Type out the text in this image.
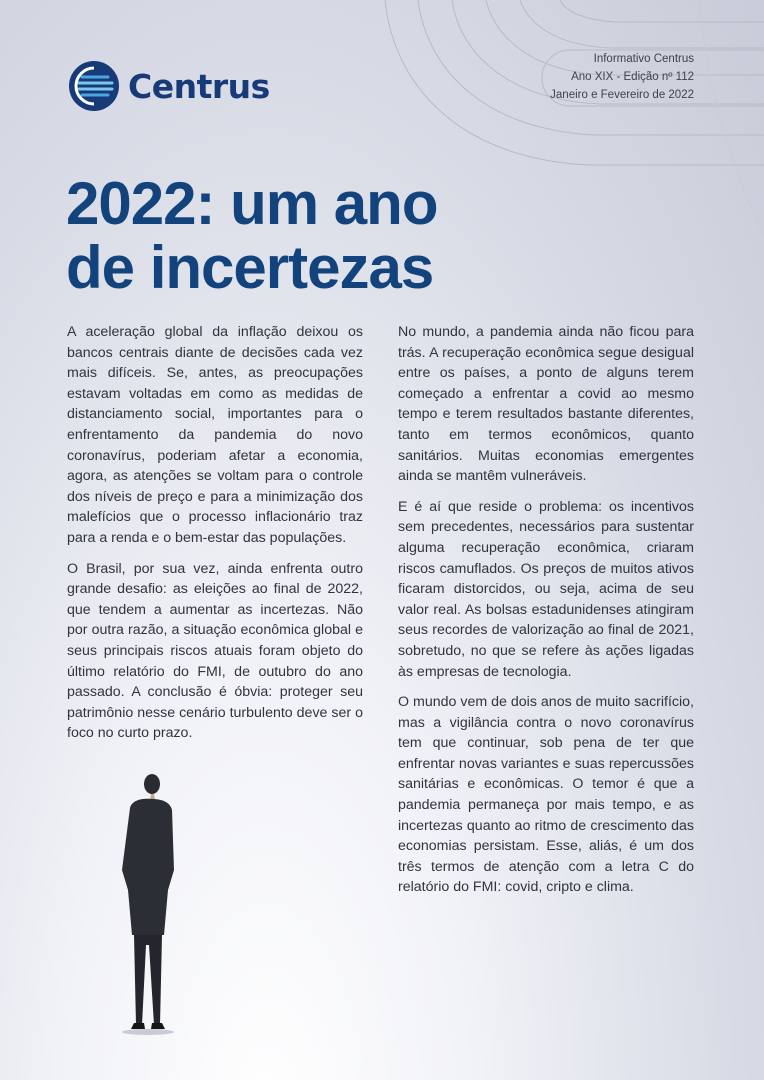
Centrus
Informativo Centrus
Ano XIX - Edição nº 112
Janeiro e Fevereiro de 2022
2022: um ano
de incertezas

A aceleração global da inflação deixou os bancos centrais diante de decisões cada vez mais difíceis. Se, antes, as preocupações estavam voltadas em como as medidas de distanciamento social, importantes para o enfrentamento da pandemia do novo coronavírus, poderiam afetar a economia, agora, as atenções se voltam para o controle dos níveis de preço e para a minimização dos malefícios que o processo inflacionário traz para a renda e o bem-estar das populações.

O Brasil, por sua vez, ainda enfrenta outro grande desafio: as eleições ao final de 2022, que tendem a aumentar as incertezas. Não por outra razão, a situação econômica global e seus principais riscos atuais foram objeto do último relatório do FMI, de outubro do ano passado. A conclusão é óbvia: proteger seu patrimônio nesse cenário turbulento deve ser o foco no curto prazo.

No mundo, a pandemia ainda não ficou para trás. A recuperação econômica segue desigual entre os países, a ponto de alguns terem começado a enfrentar a covid ao mesmo tempo e terem resultados bastante diferentes, tanto em termos econômicos, quanto sanitários. Muitas economias emergentes ainda se mantêm vulneráveis.

E é aí que reside o problema: os incentivos sem precedentes, necessários para sustentar alguma recuperação econômica, criaram riscos camuflados. Os preços de muitos ativos ficaram distorcidos, ou seja, acima de seu valor real. As bolsas estadunidenses atingiram seus recordes de valorização ao final de 2021, sobretudo, no que se refere às ações ligadas às empresas de tecnologia.

O mundo vem de dois anos de muito sacrifício, mas a vigilância contra o novo coronavírus tem que continuar, sob pena de ter que enfrentar novas variantes e suas repercussões sanitárias e econômicas. O temor é que a pandemia permaneça por mais tempo, e as incertezas quanto ao ritmo de crescimento das economias persistam. Esse, aliás, é um dos três termos de atenção com a letra C do relatório do FMI: covid, cripto e clima.
